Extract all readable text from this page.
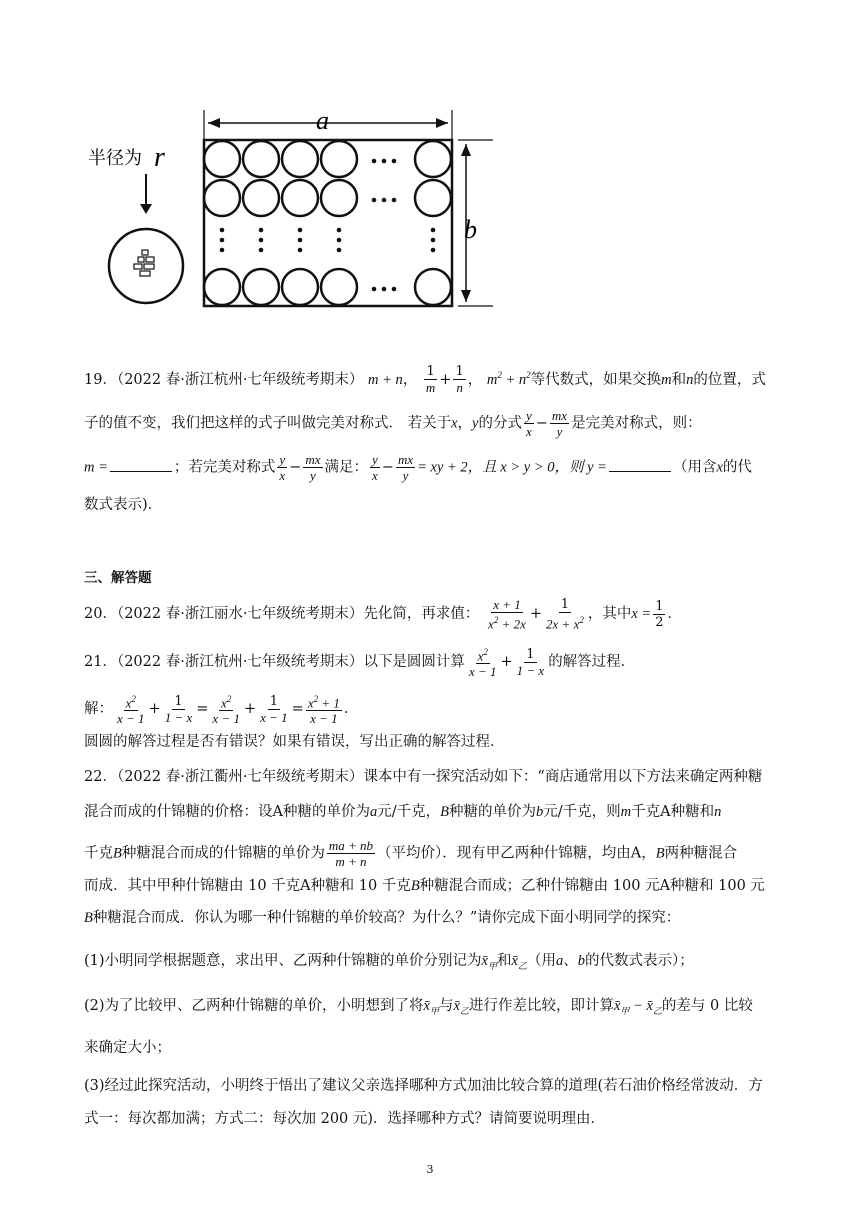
半径为 r
a
b
19．（2022 春·浙江杭州·七年级统考期末） m + n， $\frac{1}{m} + \frac{1}{n}$ ， $m^2 + n^2$等代数式，如果交换m和n的位置，式
子的值不变，我们把这样的式子叫做完美对称式． 若关于x，y的分式 $\frac{y}{x} - \frac{mx}{y}$ 是完美对称式，则：
m =	；若完美对称式 $\frac{y}{x} - \frac{mx}{y}$ 满足： $\frac{y}{x} - \frac{mx}{y}$ = xy + 2，且 x > y > 0，则 y =	（用含x的代
数式表示)．
三、解答题
20．（2022 春·浙江丽水·七年级统考期末）先化简，再求值： $\frac{x + 1}{x^2 + 2x} + \frac{1}{2x + x^2}$ ，其中$x = \frac{1}{2}$ ．
21．（2022 春·浙江杭州·七年级统考期末）以下是圆圆计算 $\frac{x^2}{x - 1} + \frac{1}{1 - x}$ 的解答过程．
解： $\frac{x^2}{x - 1} + \frac{1}{1 - x} = \frac{x^2}{x - 1} + \frac{1}{x - 1} = \frac{x^2 + 1}{x - 1}$ ．
圆圆的解答过程是否有错误？如果有错误，写出正确的解答过程．
22．（2022 春·浙江衢州·七年级统考期末）课本中有一探究活动如下：“商店通常用以下方法来确定两种糖
混合而成的什锦糖的价格：设A种糖的单价为a元/千克，B种糖的单价为b元/千克，则m千克A种糖和n
千克B种糖混合而成的什锦糖的单价为 $\frac{ma + nb}{m + n}$ （平均价）．现有甲乙两种什锦糖，均由A，B两种糖混合
而成．其中甲种什锦糖由 10 千克A种糖和 10 千克B种糖混合而成；乙种什锦糖由 100 元A种糖和 100 元
B种糖混合而成．你认为哪一种什锦糖的单价较高？为什么？”请你完成下面小明同学的探究：
(1)小明同学根据题意，求出甲、乙两种什锦糖的单价分别记为$x̄_甲$和$x̄_乙$（用a、b的代数式表示）；
(2)为了比较甲、乙两种什锦糖的单价，小明想到了将$x̄_甲$与$x̄_乙$进行作差比较，即计算$x̄_甲$ − $x̄_乙$的差与 0 比较
来确定大小；
(3)经过此探究活动，小明终于悟出了建议父亲选择哪种方式加油比较合算的道理(若石油价格经常波动．方
式一：每次都加满；方式二：每次加 200 元)．选择哪种方式？请简要说明理由．
3
